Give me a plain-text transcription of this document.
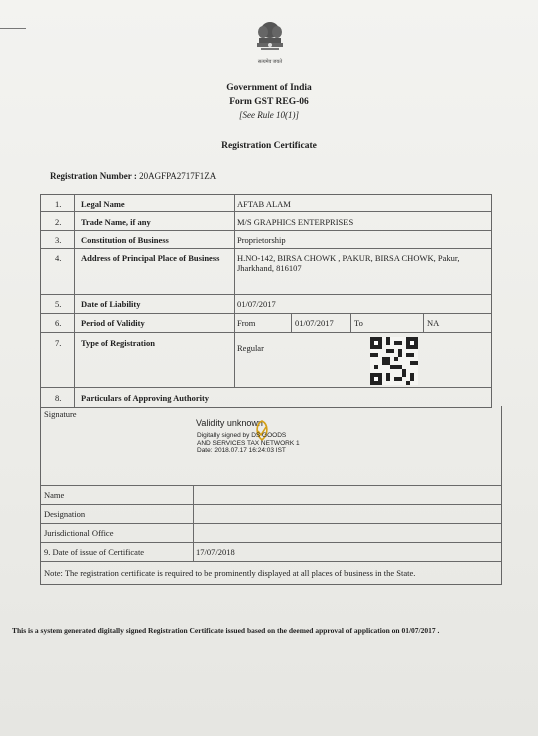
सत्यमेव जयते
Government of India
Form GST REG-06
[See Rule 10(1)]
Registration Certificate
Registration Number : 20AGFPA2717F1ZA
1. Legal Name	AFTAB ALAM
2. Trade Name, if any	M/S GRAPHICS ENTERPRISES
3. Constitution of Business	Proprietorship
4. Address of Principal Place of Business H.NO-142, BIRSA CHOWK , PAKUR, BIRSA CHOWK, Pakur, Jharkhand, 816107
5. Date of Liability	01/07/2017
6. Period of Validity	From	01/07/2017 To	NA
7. Type of Registration	Regular
8. Particulars of Approving Authority
Signature
Name
Designation
Jurisdictional Office
9. Date of issue of Certificate	17/07/2018
Note: The registration certificate is required to be prominently displayed at all places of business in the State.
Validity unknown
Digitally signed by DS GOODS
AND SERVICES TAX NETWORK 1
Date: 2018.07.17 16:24:03 IST
This is a system generated digitally signed Registration Certificate issued based on the deemed approval of application on 01/07/2017 .
